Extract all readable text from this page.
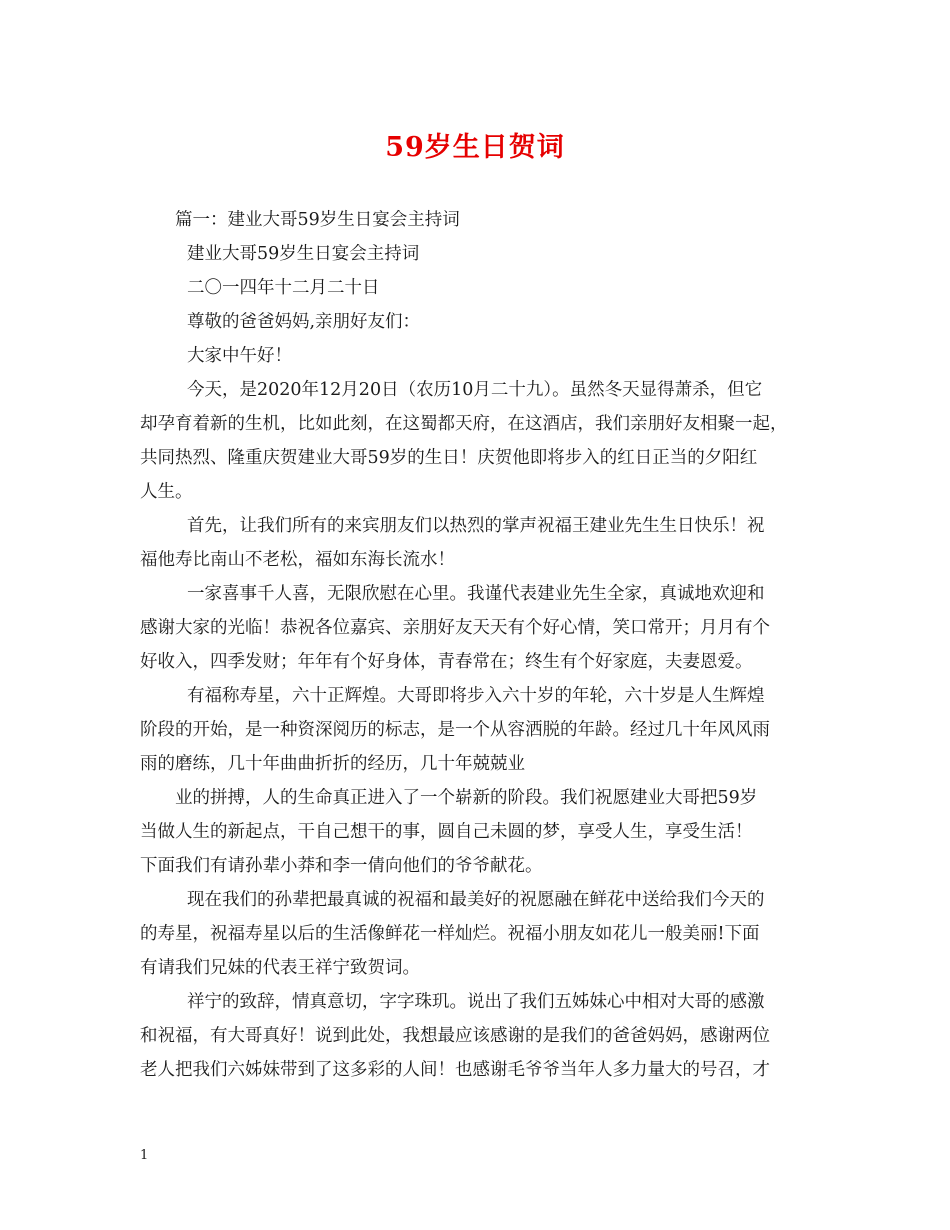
59岁生日贺词
篇一：建业大哥59岁生日宴会主持词
建业大哥59岁生日宴会主持词
二〇一四年十二月二十日
尊敬的爸爸妈妈,亲朋好友们：
大家中午好！
今天，是2020年12月20日（农历10月二十九）。虽然冬天显得萧杀，但它
却孕育着新的生机，比如此刻，在这蜀都天府，在这酒店，我们亲朋好友相聚一起，
共同热烈、隆重庆贺建业大哥59岁的生日！庆贺他即将步入的红日正当的夕阳红
人生。
首先，让我们所有的来宾朋友们以热烈的掌声祝福王建业先生生日快乐！祝
福他寿比南山不老松，福如东海长流水！
一家喜事千人喜，无限欣慰在心里。我谨代表建业先生全家，真诚地欢迎和
感谢大家的光临！恭祝各位嘉宾、亲朋好友天天有个好心情，笑口常开；月月有个
好收入，四季发财；年年有个好身体，青春常在；终生有个好家庭，夫妻恩爱。
有福称寿星，六十正辉煌。大哥即将步入六十岁的年轮，六十岁是人生辉煌
阶段的开始，是一种资深阅历的标志，是一个从容洒脱的年龄。经过几十年风风雨
雨的磨练，几十年曲曲折折的经历，几十年兢兢业
业的拼搏，人的生命真正进入了一个崭新的阶段。我们祝愿建业大哥把59岁
当做人生的新起点，干自己想干的事，圆自己未圆的梦，享受人生，享受生活！
下面我们有请孙辈小莽和李一倩向他们的爷爷献花。
现在我们的孙辈把最真诚的祝福和最美好的祝愿融在鲜花中送给我们今天的
的寿星，祝福寿星以后的生活像鲜花一样灿烂。祝福小朋友如花儿一般美丽!下面
有请我们兄妹的代表王祥宁致贺词。
祥宁的致辞，情真意切，字字珠玑。说出了我们五姊妹心中相对大哥的感激
和祝福，有大哥真好！说到此处，我想最应该感谢的是我们的爸爸妈妈，感谢两位
老人把我们六姊妹带到了这多彩的人间！也感谢毛爷爷当年人多力量大的号召，才
1
